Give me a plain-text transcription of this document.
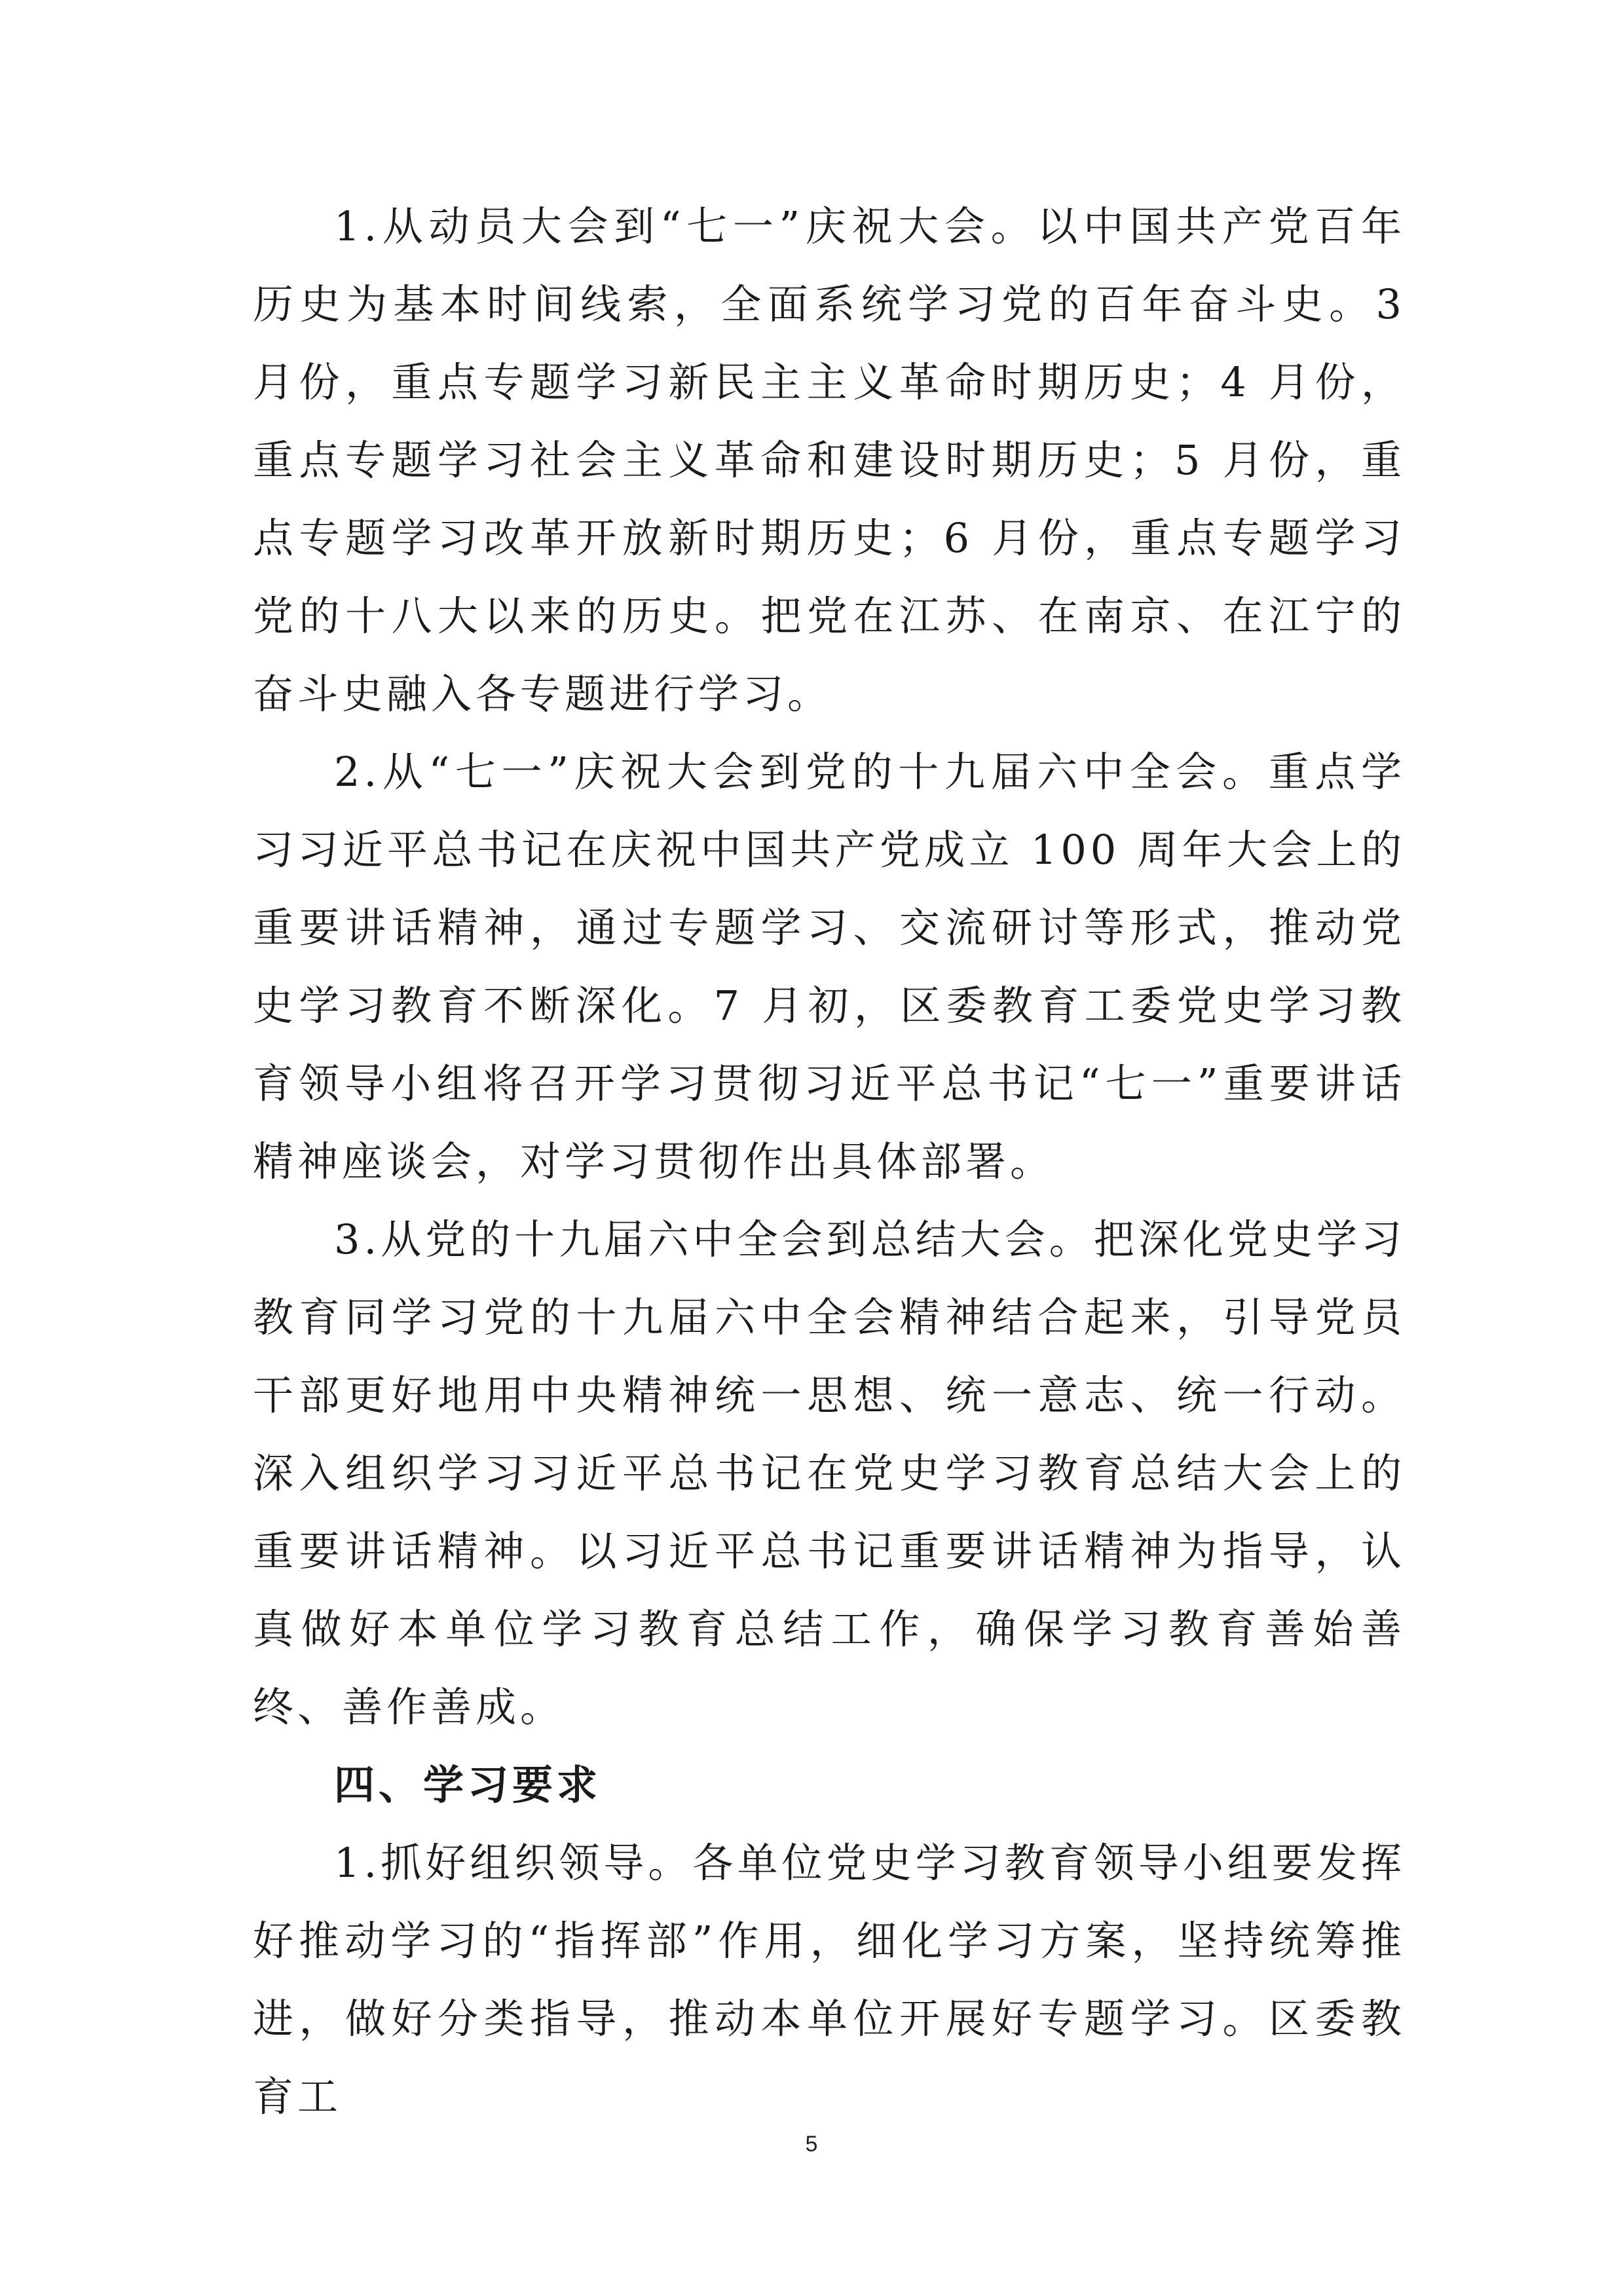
1.从动员大会到“七一”庆祝大会。以中国共产党百年历史为基本时间线索，全面系统学习党的百年奋斗史。3 月份，重点专题学习新民主主义革命时期历史；4 月份，重点专题学习社会主义革命和建设时期历史；5 月份，重点专题学习改革开放新时期历史；6 月份，重点专题学习党的十八大以来的历史。把党在江苏、在南京、在江宁的奋斗史融入各专题进行学习。

2.从“七一”庆祝大会到党的十九届六中全会。重点学习习近平总书记在庆祝中国共产党成立 100 周年大会上的重要讲话精神，通过专题学习、交流研讨等形式，推动党史学习教育不断深化。7 月初，区委教育工委党史学习教育领导小组将召开学习贯彻习近平总书记“七一”重要讲话精神座谈会，对学习贯彻作出具体部署。

3.从党的十九届六中全会到总结大会。把深化党史学习教育同学习党的十九届六中全会精神结合起来，引导党员干部更好地用中央精神统一思想、统一意志、统一行动。深入组织学习习近平总书记在党史学习教育总结大会上的重要讲话精神。以习近平总书记重要讲话精神为指导，认真做好本单位学习教育总结工作，确保学习教育善始善终、善作善成。

四、学习要求

1.抓好组织领导。各单位党史学习教育领导小组要发挥好推动学习的“指挥部”作用，细化学习方案，坚持统筹推进，做好分类指导，推动本单位开展好专题学习。区委教育工

5
